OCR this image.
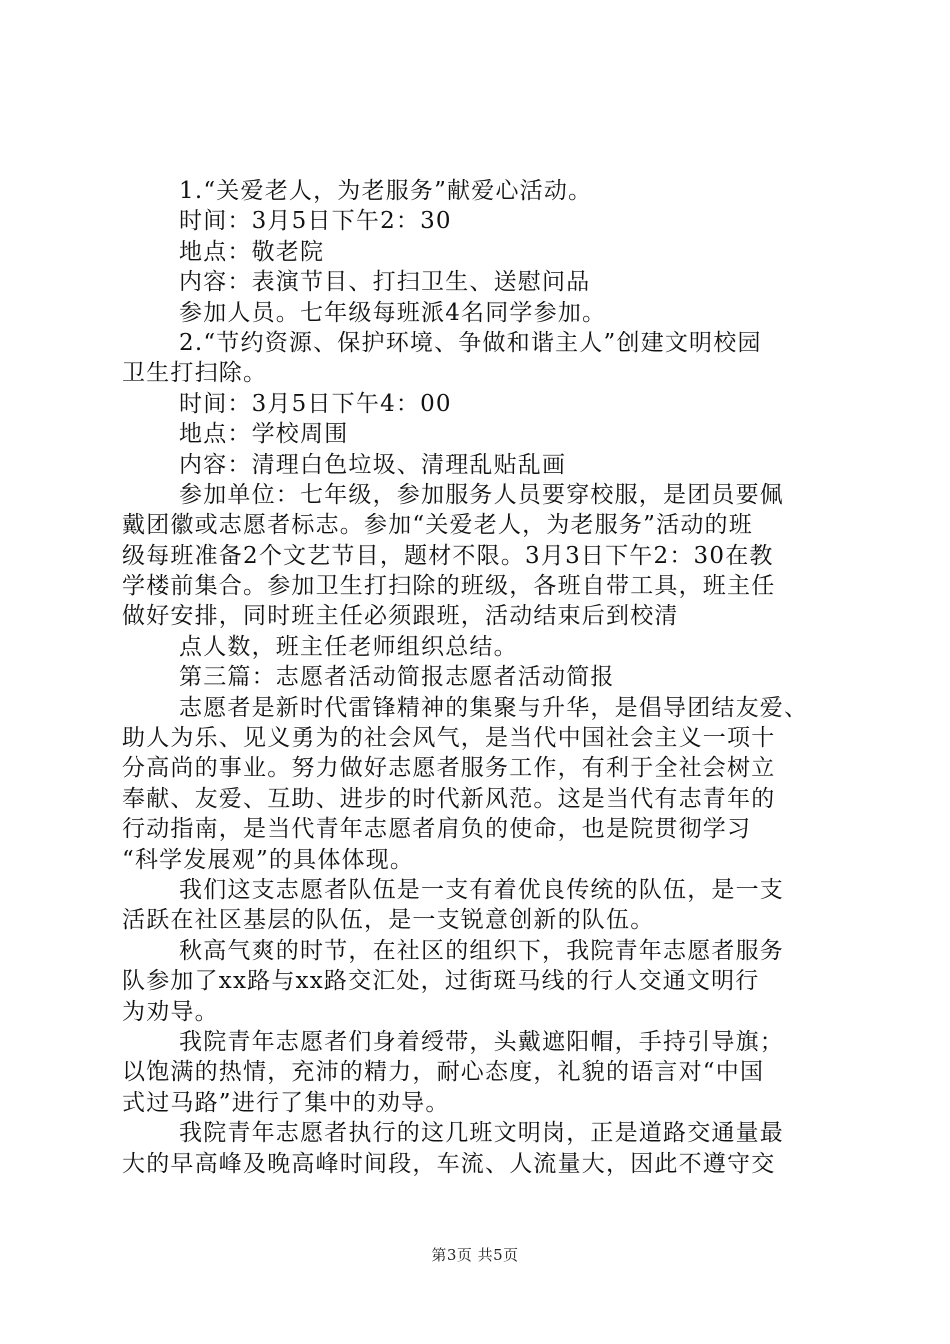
1.“关爱老人，为老服务”献爱心活动。
时间：3月5日下午2：30
地点：敬老院
内容：表演节目、打扫卫生、送慰问品
参加人员。七年级每班派4名同学参加。
2.“节约资源、保护环境、争做和谐主人”创建文明校园
卫生打扫除。
时间：3月5日下午4：00
地点：学校周围
内容：清理白色垃圾、清理乱贴乱画
参加单位：七年级，参加服务人员要穿校服，是团员要佩
戴团徽或志愿者标志。参加“关爱老人，为老服务”活动的班
级每班准备2个文艺节目，题材不限。3月3日下午2：30在教
学楼前集合。参加卫生打扫除的班级，各班自带工具，班主任
做好安排，同时班主任必须跟班，活动结束后到校清
点人数，班主任老师组织总结。
第三篇：志愿者活动简报志愿者活动简报
志愿者是新时代雷锋精神的集聚与升华，是倡导团结友爱、
助人为乐、见义勇为的社会风气，是当代中国社会主义一项十
分高尚的事业。努力做好志愿者服务工作，有利于全社会树立
奉献、友爱、互助、进步的时代新风范。这是当代有志青年的
行动指南，是当代青年志愿者肩负的使命，也是院贯彻学习
“科学发展观”的具体体现。
我们这支志愿者队伍是一支有着优良传统的队伍，是一支
活跃在社区基层的队伍，是一支锐意创新的队伍。
秋高气爽的时节，在社区的组织下，我院青年志愿者服务
队参加了xx路与xx路交汇处，过街斑马线的行人交通文明行
为劝导。
我院青年志愿者们身着绶带，头戴遮阳帽，手持引导旗；
以饱满的热情，充沛的精力，耐心态度，礼貌的语言对“中国
式过马路”进行了集中的劝导。
我院青年志愿者执行的这几班文明岗，正是道路交通量最
大的早高峰及晚高峰时间段，车流、人流量大，因此不遵守交
第3页 共5页
